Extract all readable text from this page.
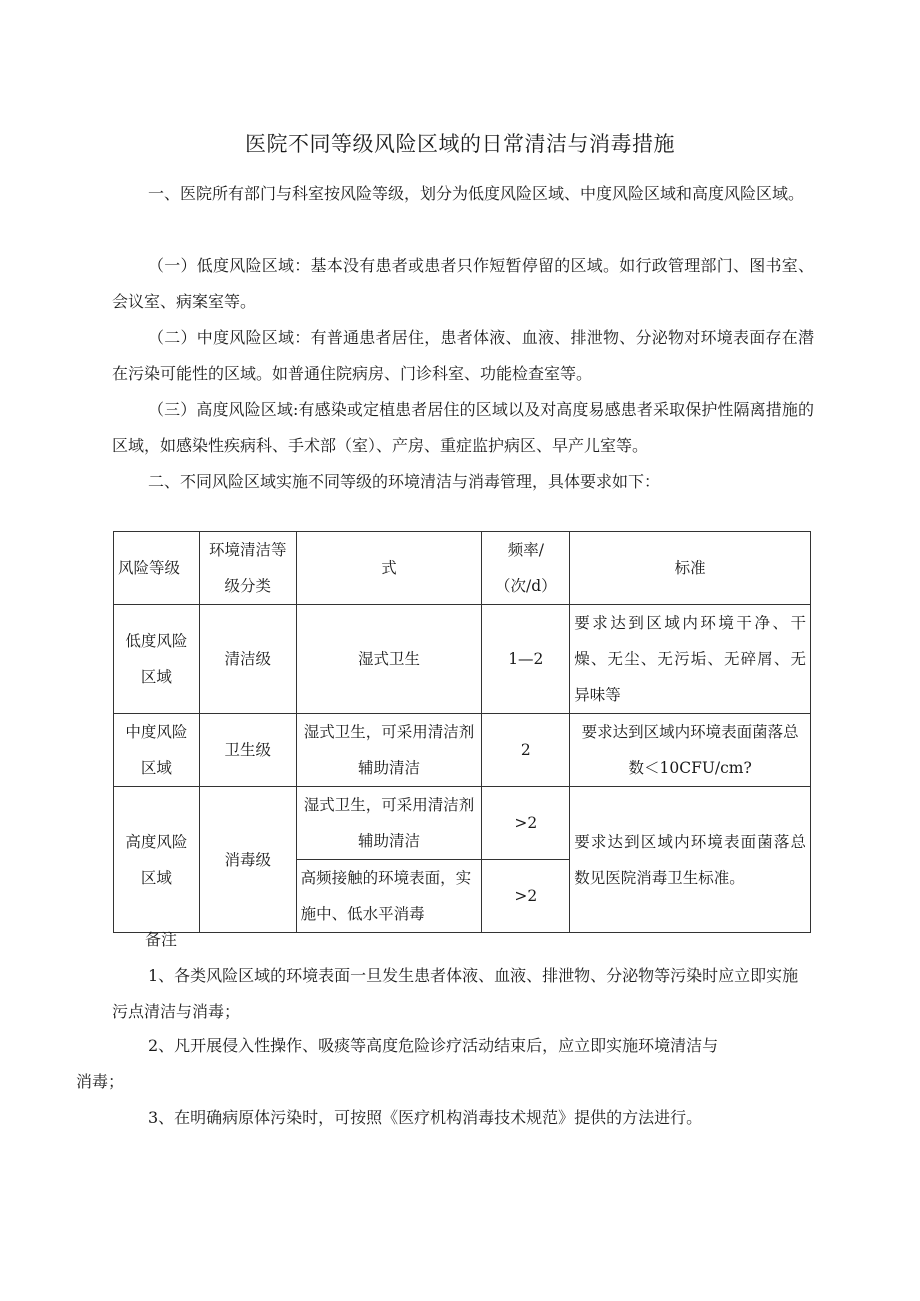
医院不同等级风险区域的日常清洁与消毒措施

一、医院所有部门与科室按风险等级，划分为低度风险区域、中度风险区域和高度风险区域。

（一）低度风险区域：基本没有患者或患者只作短暂停留的区域。如行政管理部门、图书室、会议室、病案室等。

（二）中度风险区域：有普通患者居住，患者体液、血液、排泄物、分泌物对环境表面存在潜在污染可能性的区域。如普通住院病房、门诊科室、功能检查室等。

（三）高度风险区域:有感染或定植患者居住的区域以及对高度易感患者采取保护性隔离措施的区域，如感染性疾病科、手术部（室）、产房、重症监护病区、早产儿室等。

二、不同风险区域实施不同等级的环境清洁与消毒管理，具体要求如下：

风险等级	环境清洁等级分类	式	频率/（次/d）	标准
低度风险区域	清洁级	湿式卫生	1—2	要求达到区域内环境干净、干燥、无尘、无污垢、无碎屑、无异味等
中度风险区域	卫生级	湿式卫生，可采用清洁剂辅助清洁	2	要求达到区域内环境表面菌落总数＜10CFU/cm?
高度风险区域	消毒级	湿式卫生，可采用清洁剂辅助清洁	>2	要求达到区域内环境表面菌落总数见医院消毒卫生标准。
		高频接触的环境表面，实施中、低水平消毒	>2	
备注

1、各类风险区域的环境表面一旦发生患者体液、血液、排泄物、分泌物等污染时应立即实施污点清洁与消毒；

2、凡开展侵入性操作、吸痰等高度危险诊疗活动结束后，应立即实施环境清洁与
消毒；

3、在明确病原体污染时，可按照《医疗机构消毒技术规范》提供的方法进行。
